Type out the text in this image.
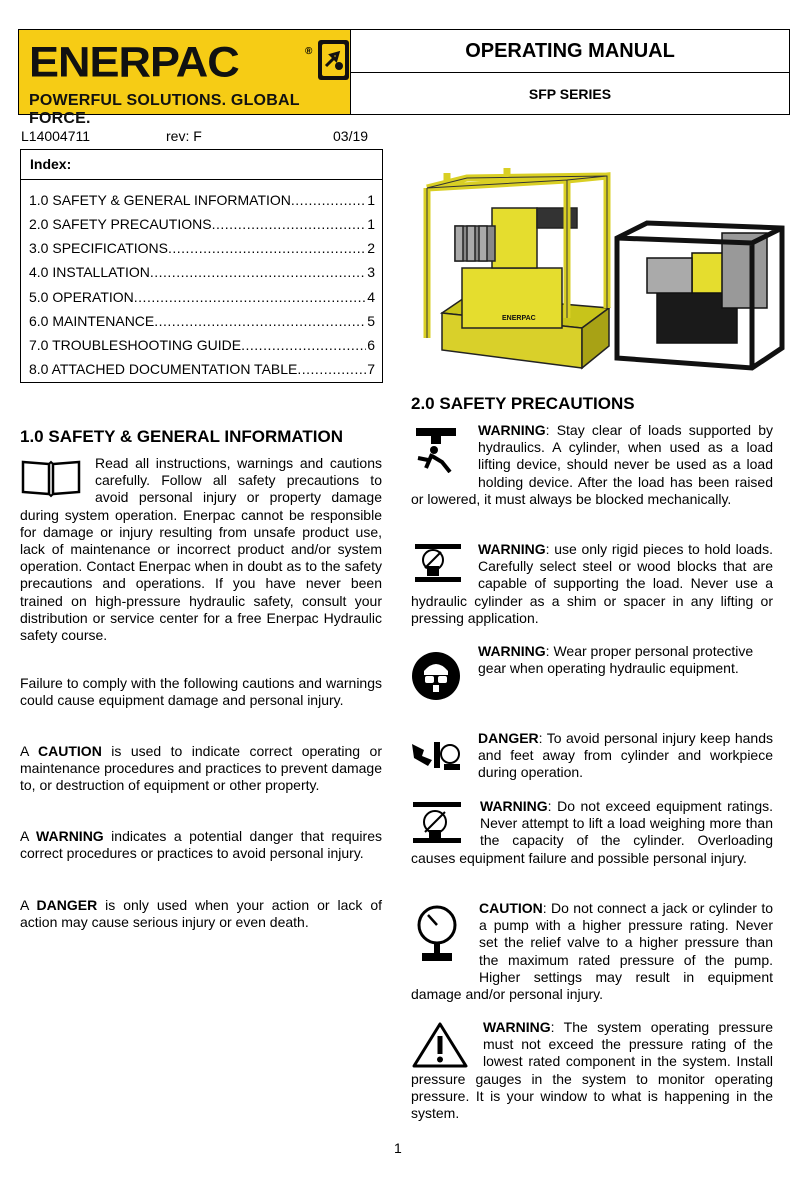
ENERPAC	®
POWERFUL SOLUTIONS. GLOBAL FORCE.
OPERATING MANUAL
SFP SERIES
L14004711	rev: F	03/19
Index:
1.0 SAFETY & GENERAL INFORMATION .....	1
2.0 SAFETY PRECAUTIONS .....	1
3.0 SPECIFICATIONS .....	2
4.0 INSTALLATION .....	3
5.0 OPERATION .....	4
6.0 MAINTENANCE .....	5
7.0 TROUBLESHOOTING GUIDE .....	6
8.0 ATTACHED DOCUMENTATION TABLE .....	7
ENERPAC
1.0 SAFETY & GENERAL INFORMATION

Read all instructions, warnings and cautions carefully. Follow all safety precautions to avoid personal injury or property damage during system operation. Enerpac cannot be responsible for damage or injury resulting from unsafe product use, lack of maintenance or incorrect product and/or system operation. Contact Enerpac when in doubt as to the safety precautions and operations. If you have never been trained on high-pressure hydraulic safety, consult your distribution or service center for a free Enerpac Hydraulic safety course.

Failure to comply with the following cautions and warnings could cause equipment damage and personal injury.

A CAUTION is used to indicate correct operating or maintenance procedures and practices to prevent damage to, or destruction of equipment or other property.

A WARNING indicates a potential danger that requires correct procedures or practices to avoid personal injury.

A DANGER is only used when your action or lack of action may cause serious injury or even death.

2.0 SAFETY PRECAUTIONS

WARNING: Stay clear of loads supported by hydraulics. A cylinder, when used as a load lifting device, should never be used as a load holding device. After the load has been raised or lowered, it must always be blocked mechanically.

WARNING: use only rigid pieces to hold loads. Carefully select steel or wood blocks that are capable of supporting the load. Never use a hydraulic cylinder as a shim or spacer in any lifting or pressing application.

WARNING: Wear proper personal protective gear when operating hydraulic equipment.

DANGER: To avoid personal injury keep hands and feet away from cylinder and workpiece during operation.

WARNING: Do not exceed equipment ratings. Never attempt to lift a load weighing more than the capacity of the cylinder. Overloading causes equipment failure and possible personal injury.

CAUTION: Do not connect a jack or cylinder to a pump with a higher pressure rating. Never set the relief valve to a higher pressure than the maximum rated pressure of the pump. Higher settings may result in equipment damage and/or personal injury.

WARNING: The system operating pressure must not exceed the pressure rating of the lowest rated component in the system. Install pressure gauges in the system to monitor operating pressure. It is your window to what is happening in the system.

1
